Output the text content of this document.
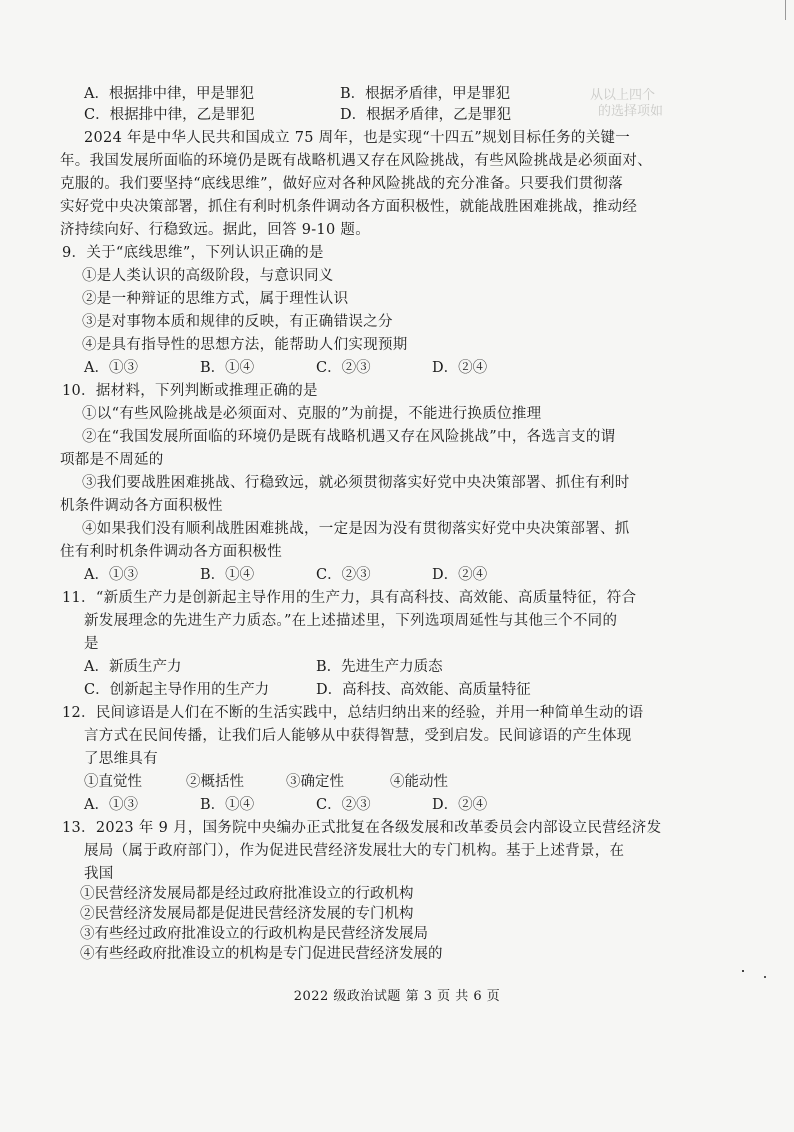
从以上四个
的选择项如
A．根据排中律，甲是罪犯	B．根据矛盾律，甲是罪犯
C．根据排中律，乙是罪犯	D．根据矛盾律，乙是罪犯
2024 年是中华人民共和国成立 75 周年，也是实现“十四五”规划目标任务的关键一
年。我国发展所面临的环境仍是既有战略机遇又存在风险挑战，有些风险挑战是必须面对、
克服的。我们要坚持“底线思维”，做好应对各种风险挑战的充分准备。只要我们贯彻落
实好党中央决策部署，抓住有利时机条件调动各方面积极性，就能战胜困难挑战，推动经
济持续向好、行稳致远。据此，回答 9-10 题。
9．关于“底线思维”，下列认识正确的是
①是人类认识的高级阶段，与意识同义
②是一种辩证的思维方式，属于理性认识
③是对事物本质和规律的反映，有正确错误之分
④是具有指导性的思想方法，能帮助人们实现预期
A．①③	B．①④	C．②③	D．②④
10．据材料，下列判断或推理正确的是
①以“有些风险挑战是必须面对、克服的”为前提，不能进行换质位推理
②在“我国发展所面临的环境仍是既有战略机遇又存在风险挑战”中，各选言支的谓
项都是不周延的
③我们要战胜困难挑战、行稳致远，就必须贯彻落实好党中央决策部署、抓住有利时
机条件调动各方面积极性
④如果我们没有顺利战胜困难挑战，一定是因为没有贯彻落实好党中央决策部署、抓
住有利时机条件调动各方面积极性
A．①③	B．①④	C．②③	D．②④
11．“新质生产力是创新起主导作用的生产力，具有高科技、高效能、高质量特征，符合
新发展理念的先进生产力质态。”在上述描述里，下列选项周延性与其他三个不同的
是
A．新质生产力	B．先进生产力质态
C．创新起主导作用的生产力	D．高科技、高效能、高质量特征
12．民间谚语是人们在不断的生活实践中，总结归纳出来的经验，并用一种简单生动的语
言方式在民间传播，让我们后人能够从中获得智慧，受到启发。民间谚语的产生体现
了思维具有
①直觉性	②概括性	③确定性	④能动性
A．①③	B．①④	C．②③	D．②④
13．2023 年 9 月，国务院中央编办正式批复在各级发展和改革委员会内部设立民营经济发
展局（属于政府部门），作为促进民营经济发展壮大的专门机构。基于上述背景，在
我国
①民营经济发展局都是经过政府批准设立的行政机构
②民营经济发展局都是促进民营经济发展的专门机构
③有些经过政府批准设立的行政机构是民营经济发展局
④有些经政府批准设立的机构是专门促进民营经济发展的
2022 级政治试题 第 3 页 共 6 页
